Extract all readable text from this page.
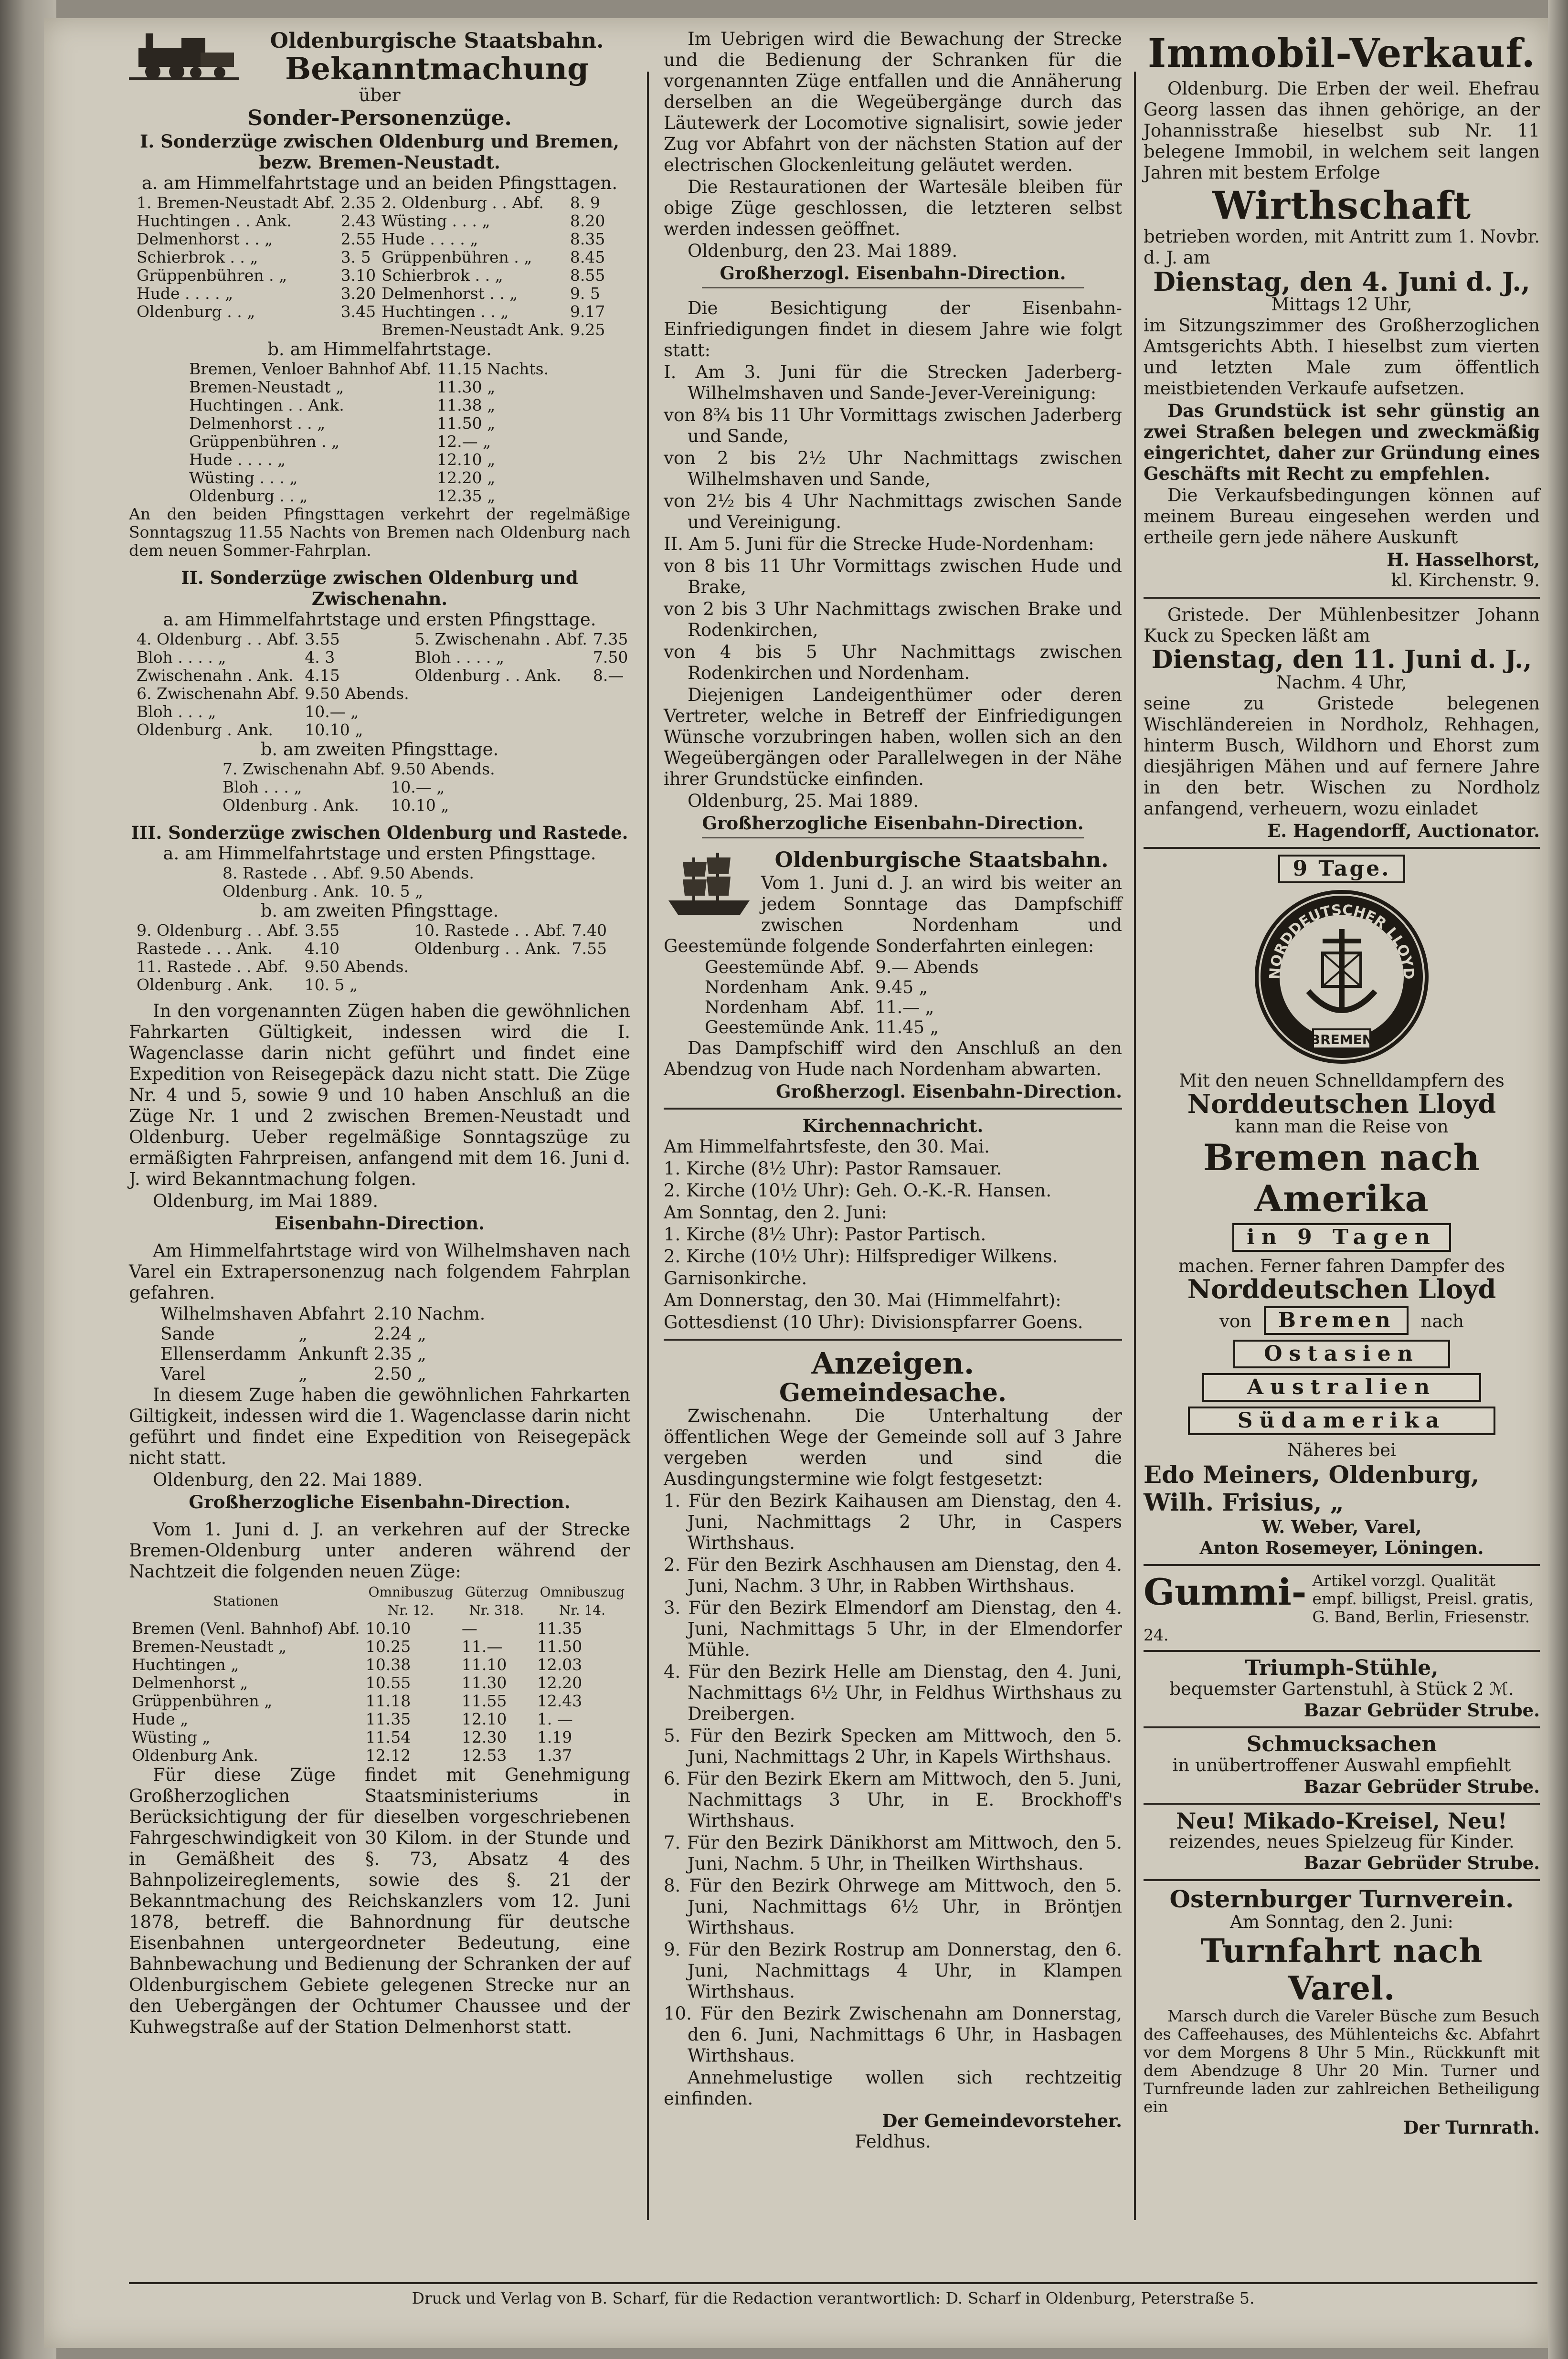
Oldenburgische Staatsbahn.
Bekanntmachung
über
Sonder-Personenzüge.
I. Sonderzüge zwischen Oldenburg und Bremen, bezw. Bremen-Neustadt.
a. am Himmelfahrtstage und an beiden Pfingsttagen.
1. Bremen-Neustadt Abf.	2.35	2. Oldenburg . . Abf.	8. 9
Huchtingen . . Ank.	2.43	Wüsting . . . „	8.20
Delmenhorst . . „	2.55	Hude . . . . „	8.35
Schierbrok . . „	3. 5	Grüppenbühren . „	8.45
Grüppenbühren . „	3.10	Schierbrok . . „	8.55
Hude . . . . „	3.20	Delmenhorst . . „	9. 5
Oldenburg . . „	3.45	Huchtingen . . „	9.17
		Bremen-Neustadt Ank.	9.25
b. am Himmelfahrtstage.
Bremen, Venloer Bahnhof Abf.	11.15 Nachts.
Bremen-Neustadt „	11.30 „
Huchtingen . . Ank.	11.38 „
Delmenhorst . . „	11.50 „
Grüppenbühren . „	12.— „
Hude . . . . „	12.10 „
Wüsting . . . „	12.20 „
Oldenburg . . „	12.35 „

An den beiden Pfingsttagen verkehrt der regelmäßige Sonntagszug 11.55 Nachts von Bremen nach Oldenburg nach dem neuen Sommer-Fahrplan.

II. Sonderzüge zwischen Oldenburg und Zwischenahn.
a. am Himmelfahrtstage und ersten Pfingsttage.
4. Oldenburg . . Abf.	3.55	5. Zwischenahn . Abf.	7.35
Bloh . . . . „	4. 3	Bloh . . . . „	7.50
Zwischenahn . Ank.	4.15	Oldenburg . . Ank.	8.—
6. Zwischenahn Abf.	9.50 Abends.		
Bloh . . . „	10.— „		
Oldenburg . Ank.	10.10 „		
b. am zweiten Pfingsttage.
7. Zwischenahn Abf.	9.50 Abends.
Bloh . . . „	10.— „
Oldenburg . Ank.	10.10 „
III. Sonderzüge zwischen Oldenburg und Rastede.
a. am Himmelfahrtstage und ersten Pfingsttage.
8. Rastede . . Abf.	9.50 Abends.
Oldenburg . Ank.	10. 5 „
b. am zweiten Pfingsttage.
9. Oldenburg . . Abf.	3.55	10. Rastede . . Abf.	7.40
Rastede . . . Ank.	4.10	Oldenburg . . Ank.	7.55
11. Rastede . . Abf.	9.50 Abends.		
Oldenburg . Ank.	10. 5 „		

In den vorgenannten Zügen haben die gewöhnlichen Fahrkarten Gültigkeit, indessen wird die I. Wagenclasse darin nicht geführt und findet eine Expedition von Reisegepäck dazu nicht statt. Die Züge Nr. 4 und 5, sowie 9 und 10 haben Anschluß an die Züge Nr. 1 und 2 zwischen Bremen-Neustadt und Oldenburg. Ueber regelmäßige Sonntagszüge zu ermäßigten Fahrpreisen, anfangend mit dem 16. Juni d. J. wird Bekanntmachung folgen.

Oldenburg, im Mai 1889.

Eisenbahn-Direction.

Am Himmelfahrtstage wird von Wilhelmshaven nach Varel ein Extrapersonenzug nach folgendem Fahrplan gefahren.

Wilhelmshaven	Abfahrt	2.10 Nachm.
Sande	„	2.24 „
Ellenserdamm	Ankunft	2.35 „
Varel	„	2.50 „

In diesem Zuge haben die gewöhnlichen Fahrkarten Giltigkeit, indessen wird die 1. Wagenclasse darin nicht geführt und findet eine Expedition von Reisegepäck nicht statt.

Oldenburg, den 22. Mai 1889.

Großherzogliche Eisenbahn-Direction.

Vom 1. Juni d. J. an verkehren auf der Strecke Bremen-Oldenburg unter anderen während der Nachtzeit die folgenden neuen Züge:

Stationen	Omnibuszug Nr. 12.	Güterzug Nr. 318.	Omnibuszug Nr. 14.
Bremen (Venl. Bahnhof) Abf.	10.10	—	11.35
Bremen-Neustadt „	10.25	11.—	11.50
Huchtingen „	10.38	11.10	12.03
Delmenhorst „	10.55	11.30	12.20
Grüppenbühren „	11.18	11.55	12.43
Hude „	11.35	12.10	1. —
Wüsting „	11.54	12.30	1.19
Oldenburg Ank.	12.12	12.53	1.37

Für diese Züge findet mit Genehmigung Großherzoglichen Staatsministeriums in Berücksichtigung der für dieselben vorgeschriebenen Fahrgeschwindigkeit von 30 Kilom. in der Stunde und in Gemäßheit des §. 73, Absatz 4 des Bahnpolizeireglements, sowie des §. 21 der Bekanntmachung des Reichskanzlers vom 12. Juni 1878, betreff. die Bahnordnung für deutsche Eisenbahnen untergeordneter Bedeutung, eine Bahnbewachung und Bedienung der Schranken der auf Oldenburgischem Gebiete gelegenen Strecke nur an den Uebergängen der Ochtumer Chaussee und der Kuhwegstraße auf der Station Delmenhorst statt.

Im Uebrigen wird die Bewachung der Strecke und die Bedienung der Schranken für die vorgenannten Züge entfallen und die Annäherung derselben an die Wegeübergänge durch das Läutewerk der Locomotive signalisirt, sowie jeder Zug vor Abfahrt von der nächsten Station auf der electrischen Glockenleitung geläutet werden.

Die Restaurationen der Wartesäle bleiben für obige Züge geschlossen, die letzteren selbst werden indessen geöffnet.

Oldenburg, den 23. Mai 1889.

Großherzogl. Eisenbahn-Direction.

Die Besichtigung der Eisenbahn-Einfriedigungen findet in diesem Jahre wie folgt statt:

I. Am 3. Juni für die Strecken Jaderberg-Wilhelmshaven und Sande-Jever-Vereinigung:

von 8¾ bis 11 Uhr Vormittags zwischen Jaderberg und Sande,

von 2 bis 2½ Uhr Nachmittags zwischen Wilhelmshaven und Sande,

von 2½ bis 4 Uhr Nachmittags zwischen Sande und Vereinigung.

II. Am 5. Juni für die Strecke Hude-Nordenham:

von 8 bis 11 Uhr Vormittags zwischen Hude und Brake,

von 2 bis 3 Uhr Nachmittags zwischen Brake und Rodenkirchen,

von 4 bis 5 Uhr Nachmittags zwischen Rodenkirchen und Nordenham.

Diejenigen Landeigenthümer oder deren Vertreter, welche in Betreff der Einfriedigungen Wünsche vorzubringen haben, wollen sich an den Wegeübergängen oder Parallelwegen in der Nähe ihrer Grundstücke einfinden.

Oldenburg, 25. Mai 1889.

Großherzogliche Eisenbahn-Direction.
Oldenburgische Staatsbahn.

Vom 1. Juni d. J. an wird bis weiter an jedem Sonntage das Dampfschiff zwischen Nordenham und Geestemünde folgende Sonderfahrten einlegen:

Geestemünde	Abf.	9.— Abends
Nordenham	Ank.	9.45 „
Nordenham	Abf.	11.— „
Geestemünde	Ank.	11.45 „

Das Dampfschiff wird den Anschluß an den Abendzug von Hude nach Nordenham abwarten.

Großherzogl. Eisenbahn-Direction.
Kirchennachricht.

Am Himmelfahrtsfeste, den 30. Mai.

1. Kirche (8½ Uhr): Pastor Ramsauer.

2. Kirche (10½ Uhr): Geh. O.-K.-R. Hansen.

Am Sonntag, den 2. Juni:

1. Kirche (8½ Uhr): Pastor Partisch.

2. Kirche (10½ Uhr): Hilfsprediger Wilkens.

Garnisonkirche.

Am Donnerstag, den 30. Mai (Himmelfahrt):

Gottesdienst (10 Uhr): Divisionspfarrer Goens.

Anzeigen.
Gemeindesache.

Zwischenahn. Die Unterhaltung der öffentlichen Wege der Gemeinde soll auf 3 Jahre vergeben werden und sind die Ausdingungstermine wie folgt festgesetzt:

1. Für den Bezirk Kaihausen am Dienstag, den 4. Juni, Nachmittags 2 Uhr, in Caspers Wirthshaus.

2. Für den Bezirk Aschhausen am Dienstag, den 4. Juni, Nachm. 3 Uhr, in Rabben Wirthshaus.

3. Für den Bezirk Elmendorf am Dienstag, den 4. Juni, Nachmittags 5 Uhr, in der Elmendorfer Mühle.

4. Für den Bezirk Helle am Dienstag, den 4. Juni, Nachmittags 6½ Uhr, in Feldhus Wirthshaus zu Dreibergen.

5. Für den Bezirk Specken am Mittwoch, den 5. Juni, Nachmittags 2 Uhr, in Kapels Wirthshaus.

6. Für den Bezirk Ekern am Mittwoch, den 5. Juni, Nachmittags 3 Uhr, in E. Brockhoff's Wirthshaus.

7. Für den Bezirk Dänikhorst am Mittwoch, den 5. Juni, Nachm. 5 Uhr, in Theilken Wirthshaus.

8. Für den Bezirk Ohrwege am Mittwoch, den 5. Juni, Nachmittags 6½ Uhr, in Bröntjen Wirthshaus.

9. Für den Bezirk Rostrup am Donnerstag, den 6. Juni, Nachmittags 4 Uhr, in Klampen Wirthshaus.

10. Für den Bezirk Zwischenahn am Donnerstag, den 6. Juni, Nachmittags 6 Uhr, in Hasbagen Wirthshaus.

Annehmelustige wollen sich rechtzeitig einfinden.

Der Gemeindevorsteher.
Feldhus.
Immobil-Verkauf.

Oldenburg. Die Erben der weil. Ehefrau Georg lassen das ihnen gehörige, an der Johannisstraße hieselbst sub Nr. 11 belegene Immobil, in welchem seit langen Jahren mit bestem Erfolge

Wirthschaft

betrieben worden, mit Antritt zum 1. Novbr. d. J. am

Dienstag, den 4. Juni d. J.,
Mittags 12 Uhr,

im Sitzungszimmer des Großherzoglichen Amtsgerichts Abth. I hieselbst zum vierten und letzten Male zum öffentlich meistbietenden Verkaufe aufsetzen.

Das Grundstück ist sehr günstig an zwei Straßen belegen und zweckmäßig eingerichtet, daher zur Gründung eines Geschäfts mit Recht zu empfehlen.

Die Verkaufsbedingungen können auf meinem Bureau eingesehen werden und ertheile gern jede nähere Auskunft

H. Hasselhorst,
kl. Kirchenstr. 9.

Gristede. Der Mühlenbesitzer Johann Kuck zu Specken läßt am

Dienstag, den 11. Juni d. J.,
Nachm. 4 Uhr,

seine zu Gristede belegenen Wischländereien in Nordholz, Rehhagen, hinterm Busch, Wildhorn und Ehorst zum diesjährigen Mähen und auf fernere Jahre in den betr. Wischen zu Nordholz anfangend, verheuern, wozu einladet

E. Hagendorff, Auctionator.
9 Tage.
NORDDEUTSCHER LLOYD
BREMEN
Mit den neuen Schnelldampfern des
Norddeutschen Lloyd
kann man die Reise von
Bremen nach Amerika
in 9 Tagen
machen. Ferner fahren Dampfer des
Norddeutschen Lloyd
von Bremen nach
Ostasien
Australien
Südamerika
Näheres bei
Edo Meiners, Oldenburg,
Wilh. Frisius, „
W. Weber, Varel,
Anton Rosemeyer, Löningen.
Gummi- Artikel vorzgl. Qualität empf. billigst, Preisl. gratis, G. Band, Berlin, Friesenstr. 24.
Triumph-Stühle,
bequemster Gartenstuhl, à Stück 2 ℳ.
Bazar Gebrüder Strube.
Schmucksachen
in unübertroffener Auswahl empfiehlt
Bazar Gebrüder Strube.
Neu! Mikado-Kreisel, Neu!
reizendes, neues Spielzeug für Kinder.
Bazar Gebrüder Strube.
Osternburger Turnverein.
Am Sonntag, den 2. Juni:
Turnfahrt nach Varel.

Marsch durch die Vareler Büsche zum Besuch des Caffeehauses, des Mühlenteichs &c. Abfahrt vor dem Morgens 8 Uhr 5 Min., Rückkunft mit dem Abendzuge 8 Uhr 20 Min. Turner und Turnfreunde laden zur zahlreichen Betheiligung ein

Der Turnrath.
Druck und Verlag von B. Scharf, für die Redaction verantwortlich: D. Scharf in Oldenburg, Peterstraße 5.
